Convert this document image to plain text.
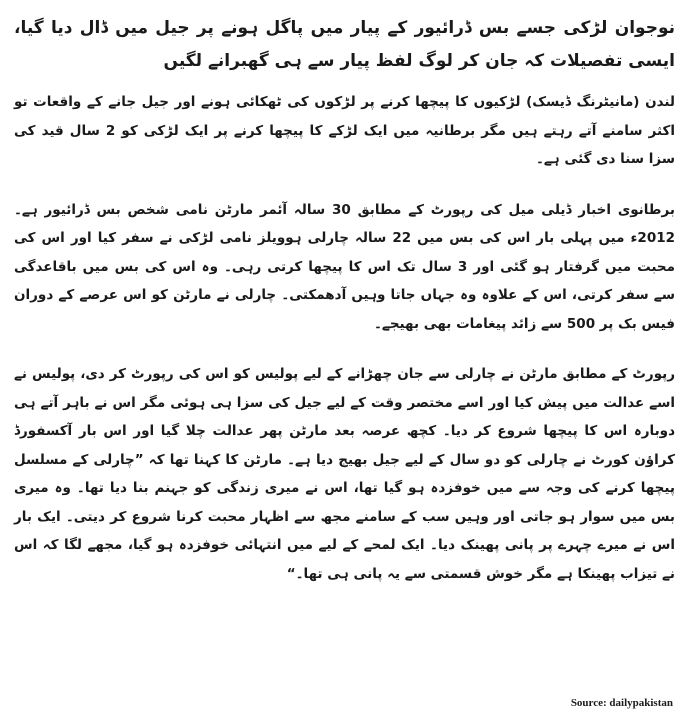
نوجوان لڑکی جسے بس ڈرائیور کے پیار میں پاگل ہونے پر جیل میں ڈال دیا گیا، ایسی تفصیلات کہ جان کر لوگ لفظ پیار سے ہی گھبرانے لگیں

لندن (مانیٹرنگ ڈیسک) لڑکیوں کا پیچھا کرنے پر لڑکوں کی ٹھکائی ہونے اور جیل جانے کے واقعات تو اکثر سامنے آتے رہتے ہیں مگر برطانیہ میں ایک لڑکے کا پیچھا کرنے پر ایک لڑکی کو 2 سال قید کی سزا سنا دی گئی ہے۔

برطانوی اخبار ڈیلی میل کی رپورٹ کے مطابق 30 سالہ آئمر مارٹن نامی شخص بس ڈرائیور ہے۔ 2012ء میں پہلی بار اس کی بس میں 22 سالہ چارلی ہوویلز نامی لڑکی نے سفر کیا اور اس کی محبت میں گرفتار ہو گئی اور 3 سال تک اس کا پیچھا کرتی رہی۔ وہ اس کی بس میں باقاعدگی سے سفر کرتی، اس کے علاوہ وہ جہاں جاتا وہیں آدھمکتی۔ چارلی نے مارٹن کو اس عرصے کے دوران فیس بک پر 500 سے زائد پیغامات بھی بھیجے۔

رپورٹ کے مطابق مارٹن نے چارلی سے جان چھڑانے کے لیے پولیس کو اس کی رپورٹ کر دی، پولیس نے اسے عدالت میں پیش کیا اور اسے مختصر وقت کے لیے جیل کی سزا ہی ہوئی مگر اس نے باہر آتے ہی دوبارہ اس کا پیچھا شروع کر دیا۔ کچھ عرصہ بعد مارٹن پھر عدالت چلا گیا اور اس بار آکسفورڈ کراؤن کورٹ نے چارلی کو دو سال کے لیے جیل بھیج دیا ہے۔ مارٹن کا کہنا تھا کہ ”چارلی کے مسلسل پیچھا کرنے کی وجہ سے میں خوفزدہ ہو گیا تھا، اس نے میری زندگی کو جہنم بنا دیا تھا۔ وہ میری بس میں سوار ہو جاتی اور وہیں سب کے سامنے مجھ سے اظہار محبت کرنا شروع کر دیتی۔ ایک بار اس نے میرے چہرے پر پانی پھینک دیا۔ ایک لمحے کے لیے میں انتہائی خوفزدہ ہو گیا، مجھے لگا کہ اس نے تیزاب پھینکا ہے مگر خوش قسمتی سے یہ پانی ہی تھا۔“

Source: dailypakistan
